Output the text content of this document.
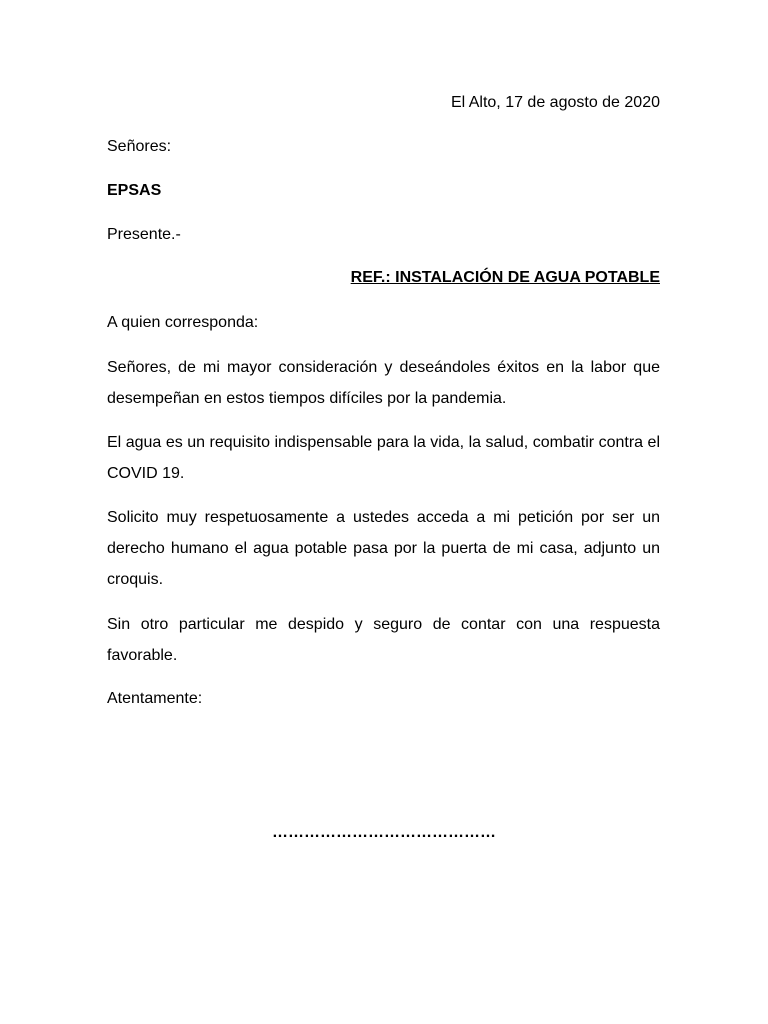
El Alto, 17 de agosto de 2020

Señores:

EPSAS

Presente.-

REF.: INSTALACIÓN DE AGUA POTABLE

A quien corresponda:

Señores, de mi mayor consideración y deseándoles éxitos en la labor que desempeñan en estos tiempos difíciles por la pandemia.

El agua es un requisito indispensable para la vida, la salud, combatir contra el COVID 19.

Solicito muy respetuosamente a ustedes acceda a mi petición por ser un derecho humano el agua potable pasa por la puerta de mi casa, adjunto un croquis.

Sin otro particular me despido y seguro de contar con una respuesta favorable.

Atentamente:

……………………………………
